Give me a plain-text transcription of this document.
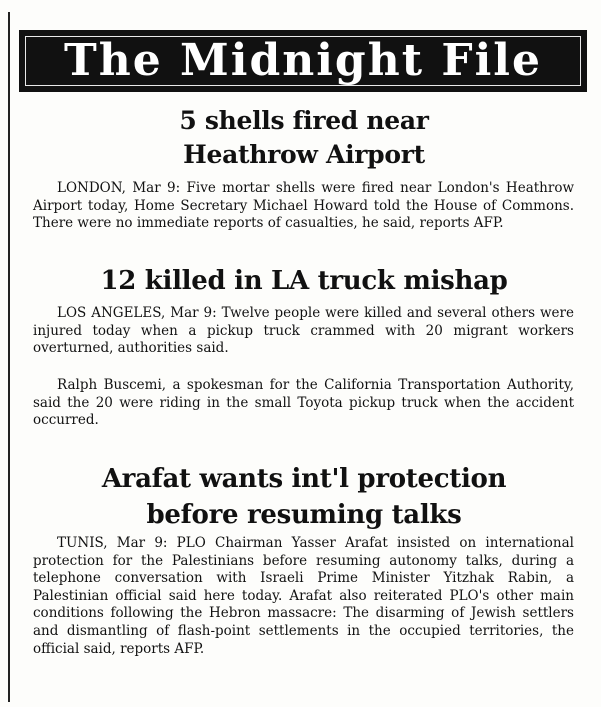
The Midnight File
5 shells fired near
Heathrow Airport

LONDON, Mar 9: Five mortar shells were fired near London's Heathrow Airport today, Home Secretary Michael Howard told the House of Commons. There were no immediate reports of casualties, he said, reports AFP.

12 killed in LA truck mishap

LOS ANGELES, Mar 9: Twelve people were killed and several others were injured today when a pickup truck crammed with 20 migrant workers overturned, authorities said.

Ralph Buscemi, a spokesman for the California Transportation Authority, said the 20 were riding in the small Toyota pickup truck when the accident occurred.

Arafat wants int'l protection
before resuming talks

TUNIS, Mar 9: PLO Chairman Yasser Arafat insisted on international protection for the Palestinians before resuming autonomy talks, during a telephone conversation with Israeli Prime Minister Yitzhak Rabin, a Palestinian official said here today. Arafat also reiterated PLO's other main conditions following the Hebron massacre: The disarming of Jewish settlers and dismantling of flash-point settlements in the occupied territories, the official said, reports AFP.
